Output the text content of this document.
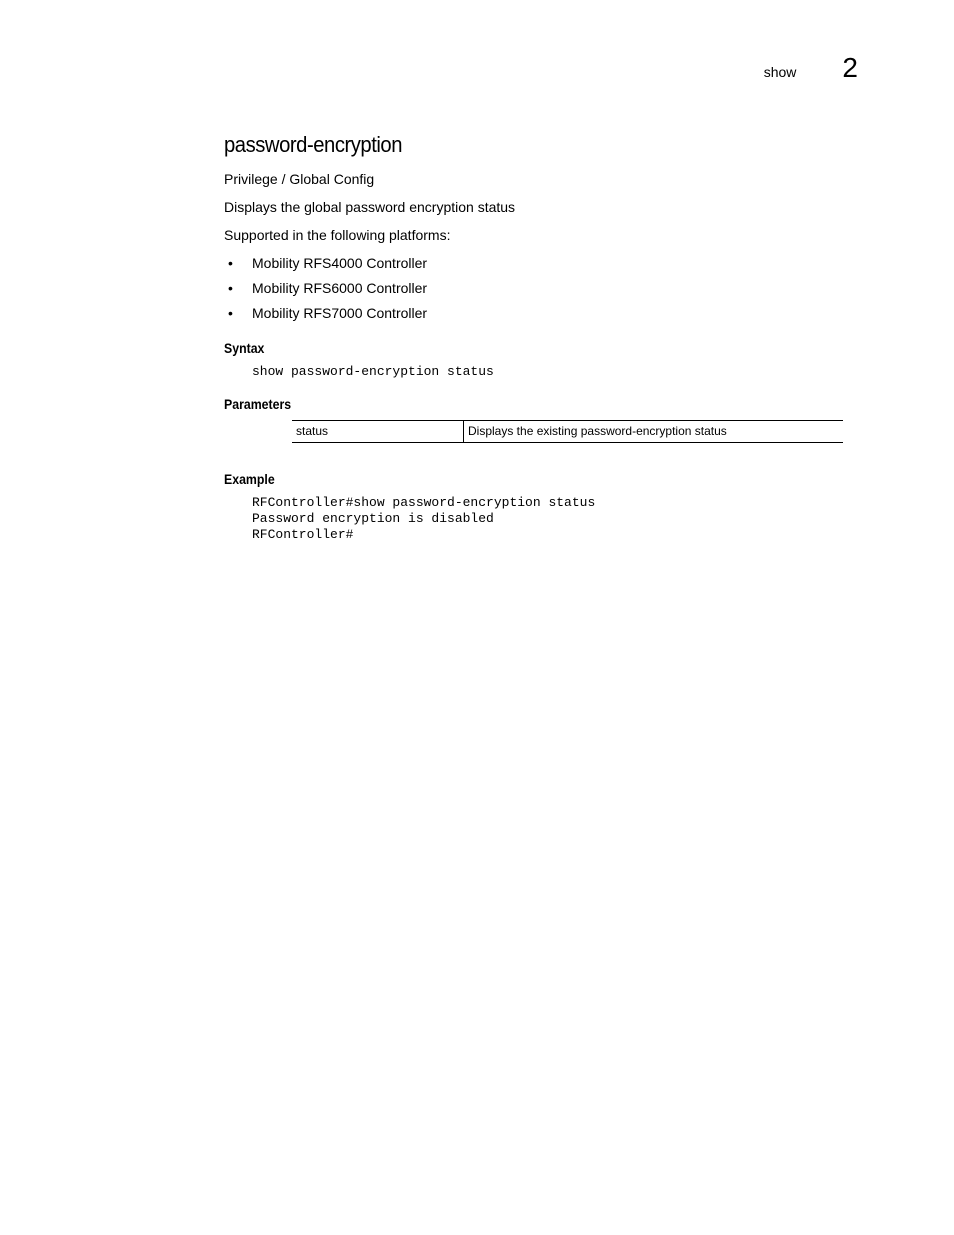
show 2
password-encryption

Privilege / Global Config

Displays the global password encryption status

Supported in the following platforms:

• Mobility RFS4000 Controller
• Mobility RFS6000 Controller
• Mobility RFS7000 Controller
Syntax
show password-encryption status
Parameters
status	Displays the existing password-encryption status
Example
RFController#show password-encryption status
Password encryption is disabled
RFController#
